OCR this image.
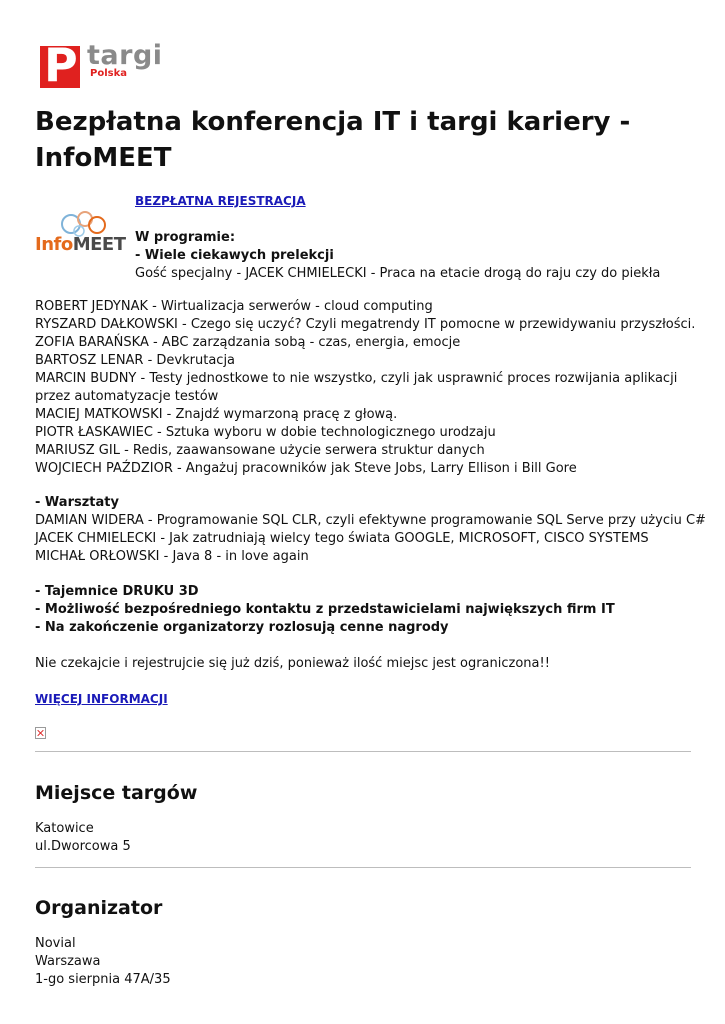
P targi
Polska
Bezpłatna konferencja IT i targi kariery - InfoMEET
InfoMEET
BEZPŁATNA REJESTRACJA
W programie:
- Wiele ciekawych prelekcji
Gość specjalny - JACEK CHMIELECKI - Praca na etacie drogą do raju czy do piekła
ROBERT JEDYNAK - Wirtualizacja serwerów - cloud computing
RYSZARD DAŁKOWSKI - Czego się uczyć? Czyli megatrendy IT pomocne w przewidywaniu przyszłości.
ZOFIA BARAŃSKA - ABC zarządzania sobą - czas, energia, emocje
BARTOSZ LENAR - Devkrutacja
MARCIN BUDNY - Testy jednostkowe to nie wszystko, czyli jak usprawnić proces rozwijania aplikacji przez automatyzacje testów
MACIEJ MATKOWSKI - Znajdź wymarzoną pracę z głową.
PIOTR ŁASKAWIEC - Sztuka wyboru w dobie technologicznego urodzaju
MARIUSZ GIL - Redis, zaawansowane użycie serwera struktur danych
WOJCIECH PAŹDZIOR - Angażuj pracowników jak Steve Jobs, Larry Ellison i Bill Gore
- Warsztaty
DAMIAN WIDERA - Programowanie SQL CLR, czyli efektywne programowanie SQL Serve przy użyciu C#
JACEK CHMIELECKI - Jak zatrudniają wielcy tego świata GOOGLE, MICROSOFT, CISCO SYSTEMS
MICHAŁ ORŁOWSKI - Java 8 - in love again
- Tajemnice DRUKU 3D
- Możliwość bezpośredniego kontaktu z przedstawicielami największych firm IT
- Na zakończenie organizatorzy rozlosują cenne nagrody
Nie czekajcie i rejestrujcie się już dziś, ponieważ ilość miejsc jest ograniczona!!
WIĘCEJ INFORMACJI
Miejsce targów
Katowice
ul.Dworcowa 5
Organizator
Novial
Warszawa
1-go sierpnia 47A/35
